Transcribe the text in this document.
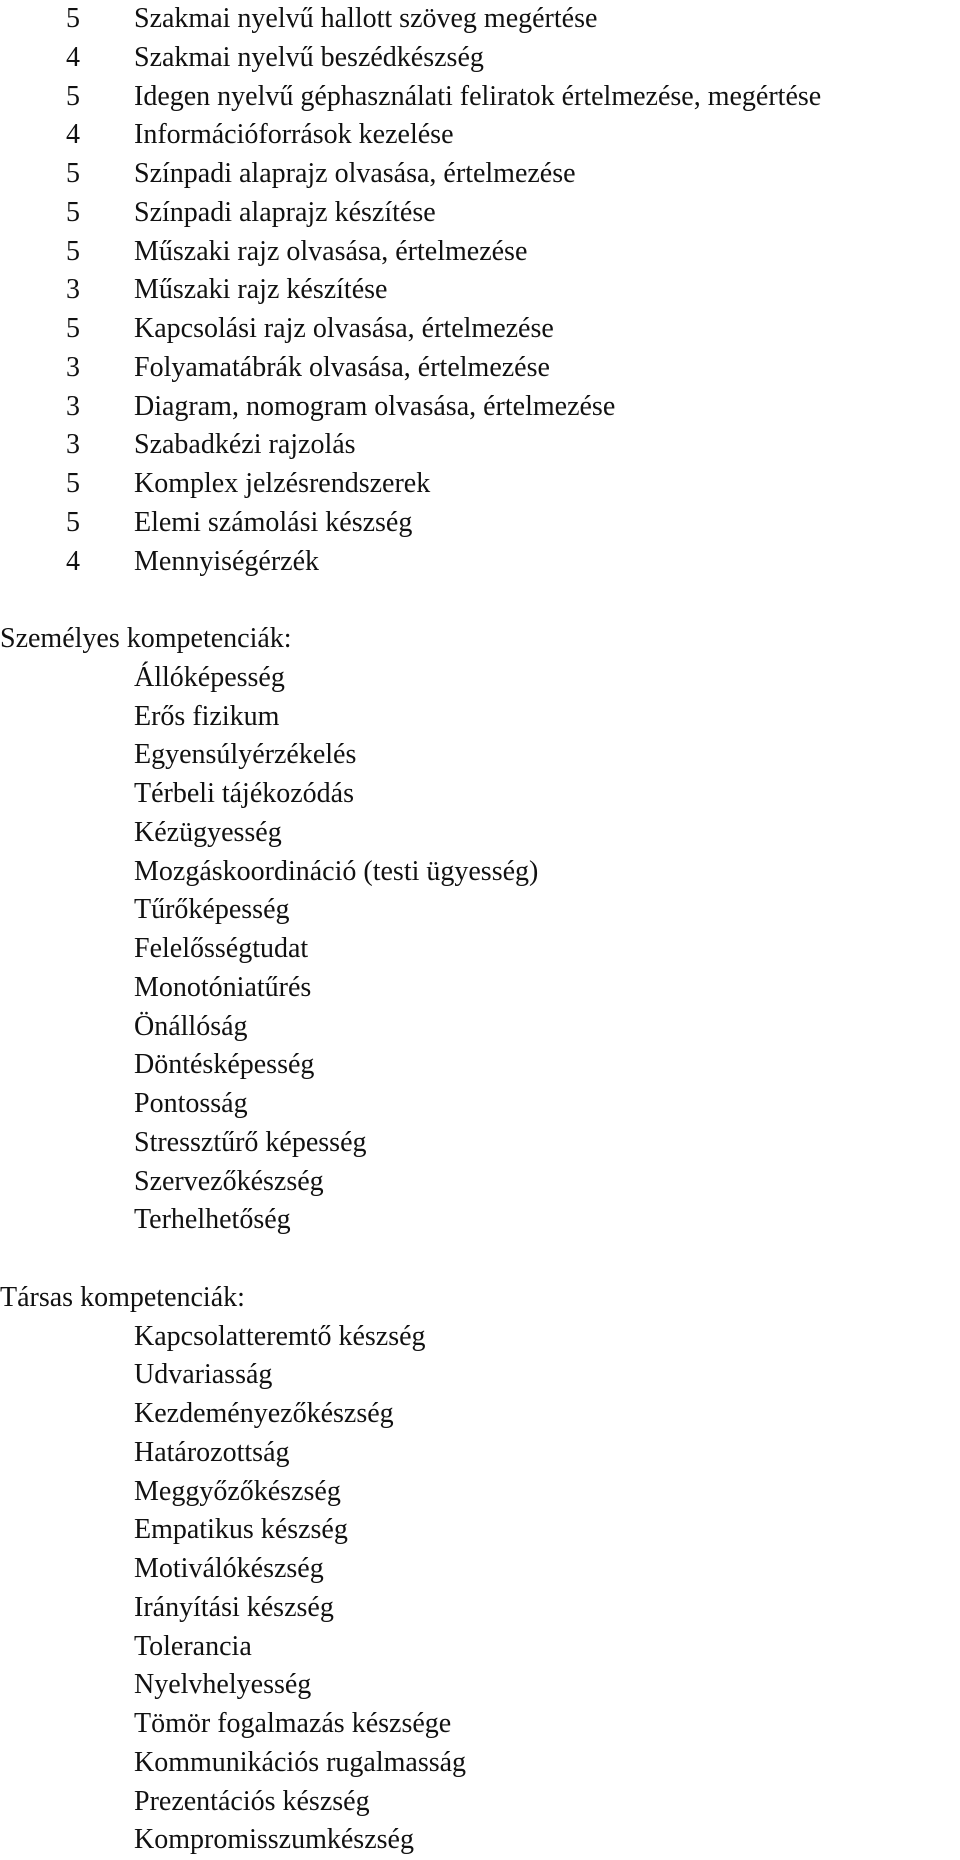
5	Szakmai nyelvű hallott szöveg megértése
4	Szakmai nyelvű beszédkészség
5	Idegen nyelvű géphasználati feliratok értelmezése, megértése
4	Információforrások kezelése
5	Színpadi alaprajz olvasása, értelmezése
5	Színpadi alaprajz készítése
5	Műszaki rajz olvasása, értelmezése
3	Műszaki rajz készítése
5	Kapcsolási rajz olvasása, értelmezése
3	Folyamatábrák olvasása, értelmezése
3	Diagram, nomogram olvasása, értelmezése
3	Szabadkézi rajzolás
5	Komplex jelzésrendszerek
5	Elemi számolási készség
4	Mennyiségérzék
Személyes kompetenciák:
Állóképesség
Erős fizikum
Egyensúlyérzékelés
Térbeli tájékozódás
Kézügyesség
Mozgáskoordináció (testi ügyesség)
Tűrőképesség
Felelősségtudat
Monotóniatűrés
Önállóság
Döntésképesség
Pontosság
Stressztűrő képesség
Szervezőkészség
Terhelhetőség
Társas kompetenciák:
Kapcsolatteremtő készség
Udvariasság
Kezdeményezőkészség
Határozottság
Meggyőzőkészség
Empatikus készség
Motiválókészség
Irányítási készség
Tolerancia
Nyelvhelyesség
Tömör fogalmazás készsége
Kommunikációs rugalmasság
Prezentációs készség
Kompromisszumkészség
